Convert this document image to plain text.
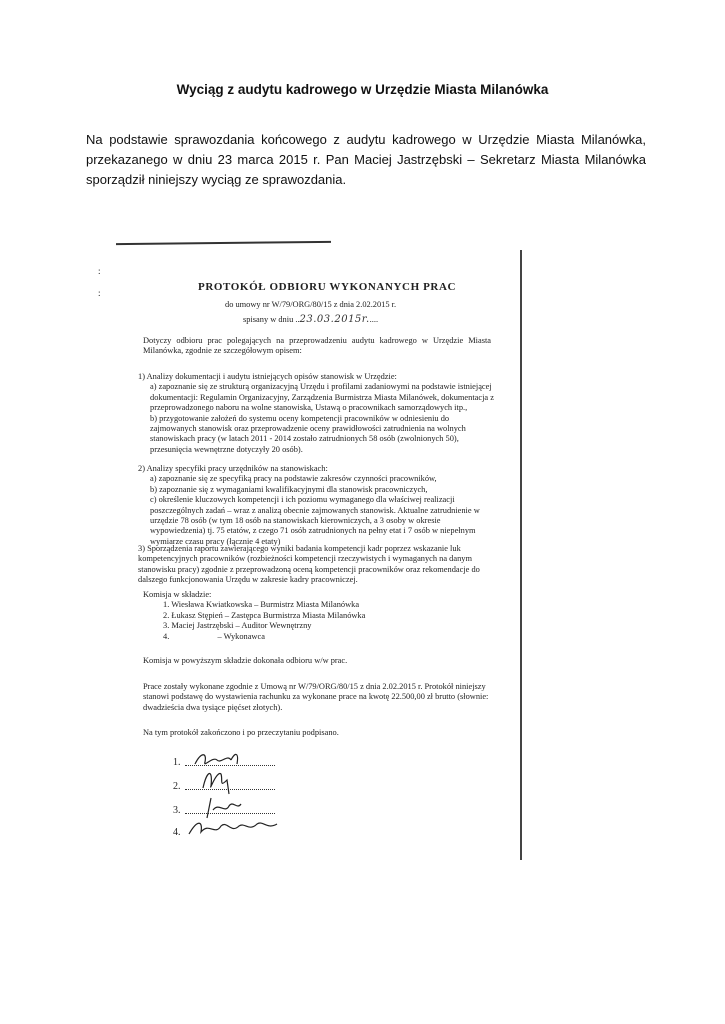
Wyciąg z audytu kadrowego w Urzędzie Miasta Milanówka
Na podstawie sprawozdania końcowego z audytu kadrowego w Urzędzie Miasta Milanówka, przekazanego w dniu 23 marca 2015 r. Pan Maciej Jastrzębski – Sekretarz Miasta Milanówka sporządził niniejszy wyciąg ze sprawozdania.
:
:	PROTOKÓŁ ODBIORU WYKONANYCH PRAC
do umowy nr W/79/ORG/80/15 z dnia 2.02.2015 r.
spisany w dniu ..23.03.2015r.....
Dotyczy odbioru prac polegających na przeprowadzeniu audytu kadrowego w Urzędzie Miasta Milanówka, zgodnie ze szczegółowym opisem:
1) Analizy dokumentacji i audytu istniejących opisów stanowisk w Urzędzie:
a) zapoznanie się ze strukturą organizacyjną Urzędu i profilami zadaniowymi na podstawie istniejącej dokumentacji: Regulamin Organizacyjny, Zarządzenia Burmistrza Miasta Milanówek, dokumentacja z przeprowadzonego naboru na wolne stanowiska, Ustawą o pracownikach samorządowych itp.,
b) przygotowanie założeń do systemu oceny kompetencji pracowników w odniesieniu do zajmowanych stanowisk oraz przeprowadzenie oceny prawidłowości zatrudnienia na wolnych stanowiskach pracy (w latach 2011 - 2014 zostało zatrudnionych 58 osób (zwolnionych 50), przesunięcia wewnętrzne dotyczyły 20 osób).
2) Analizy specyfiki pracy urzędników na stanowiskach:
a) zapoznanie się ze specyfiką pracy na podstawie zakresów czynności pracowników,
b) zapoznanie się z wymaganiami kwalifikacyjnymi dla stanowisk pracowniczych,
c) określenie kluczowych kompetencji i ich poziomu wymaganego dla właściwej realizacji poszczególnych zadań – wraz z analizą obecnie zajmowanych stanowisk. Aktualne zatrudnienie w urzędzie 78 osób (w tym 18 osób na stanowiskach kierowniczych, a 3 osoby w okresie wypowiedzenia) tj. 75 etatów, z czego 71 osób zatrudnionych na pełny etat i 7 osób w niepełnym wymiarze czasu pracy (łącznie 4 etaty)
3) Sporządzenia raportu zawierającego wyniki badania kompetencji kadr poprzez wskazanie luk kompetencyjnych pracowników (rozbieżności kompetencji rzeczywistych i wymaganych na danym stanowisku pracy) zgodnie z przeprowadzoną oceną kompetencji pracowników oraz rekomendacje do dalszego funkcjonowania Urzędu w zakresie kadry pracowniczej.
Komisja w składzie:
1. Wiesława Kwiatkowska – Burmistrz Miasta Milanówka
2. Łukasz Stępień – Zastępca Burmistrza Miasta Milanówka
3. Maciej Jastrzębski – Auditor Wewnętrzny
4.                       – Wykonawca
Komisja w powyższym składzie dokonała odbioru w/w prac.
Prace zostały wykonane zgodnie z Umową nr W/79/ORG/80/15 z dnia 2.02.2015 r. Protokół niniejszy stanowi podstawę do wystawienia rachunku za wykonane prace na kwotę 22.500,00 zł brutto (słownie: dwadzieścia dwa tysiące pięćset złotych).
Na tym protokół zakończono i po przeczytaniu podpisano.
1.
2.
3.
4.
